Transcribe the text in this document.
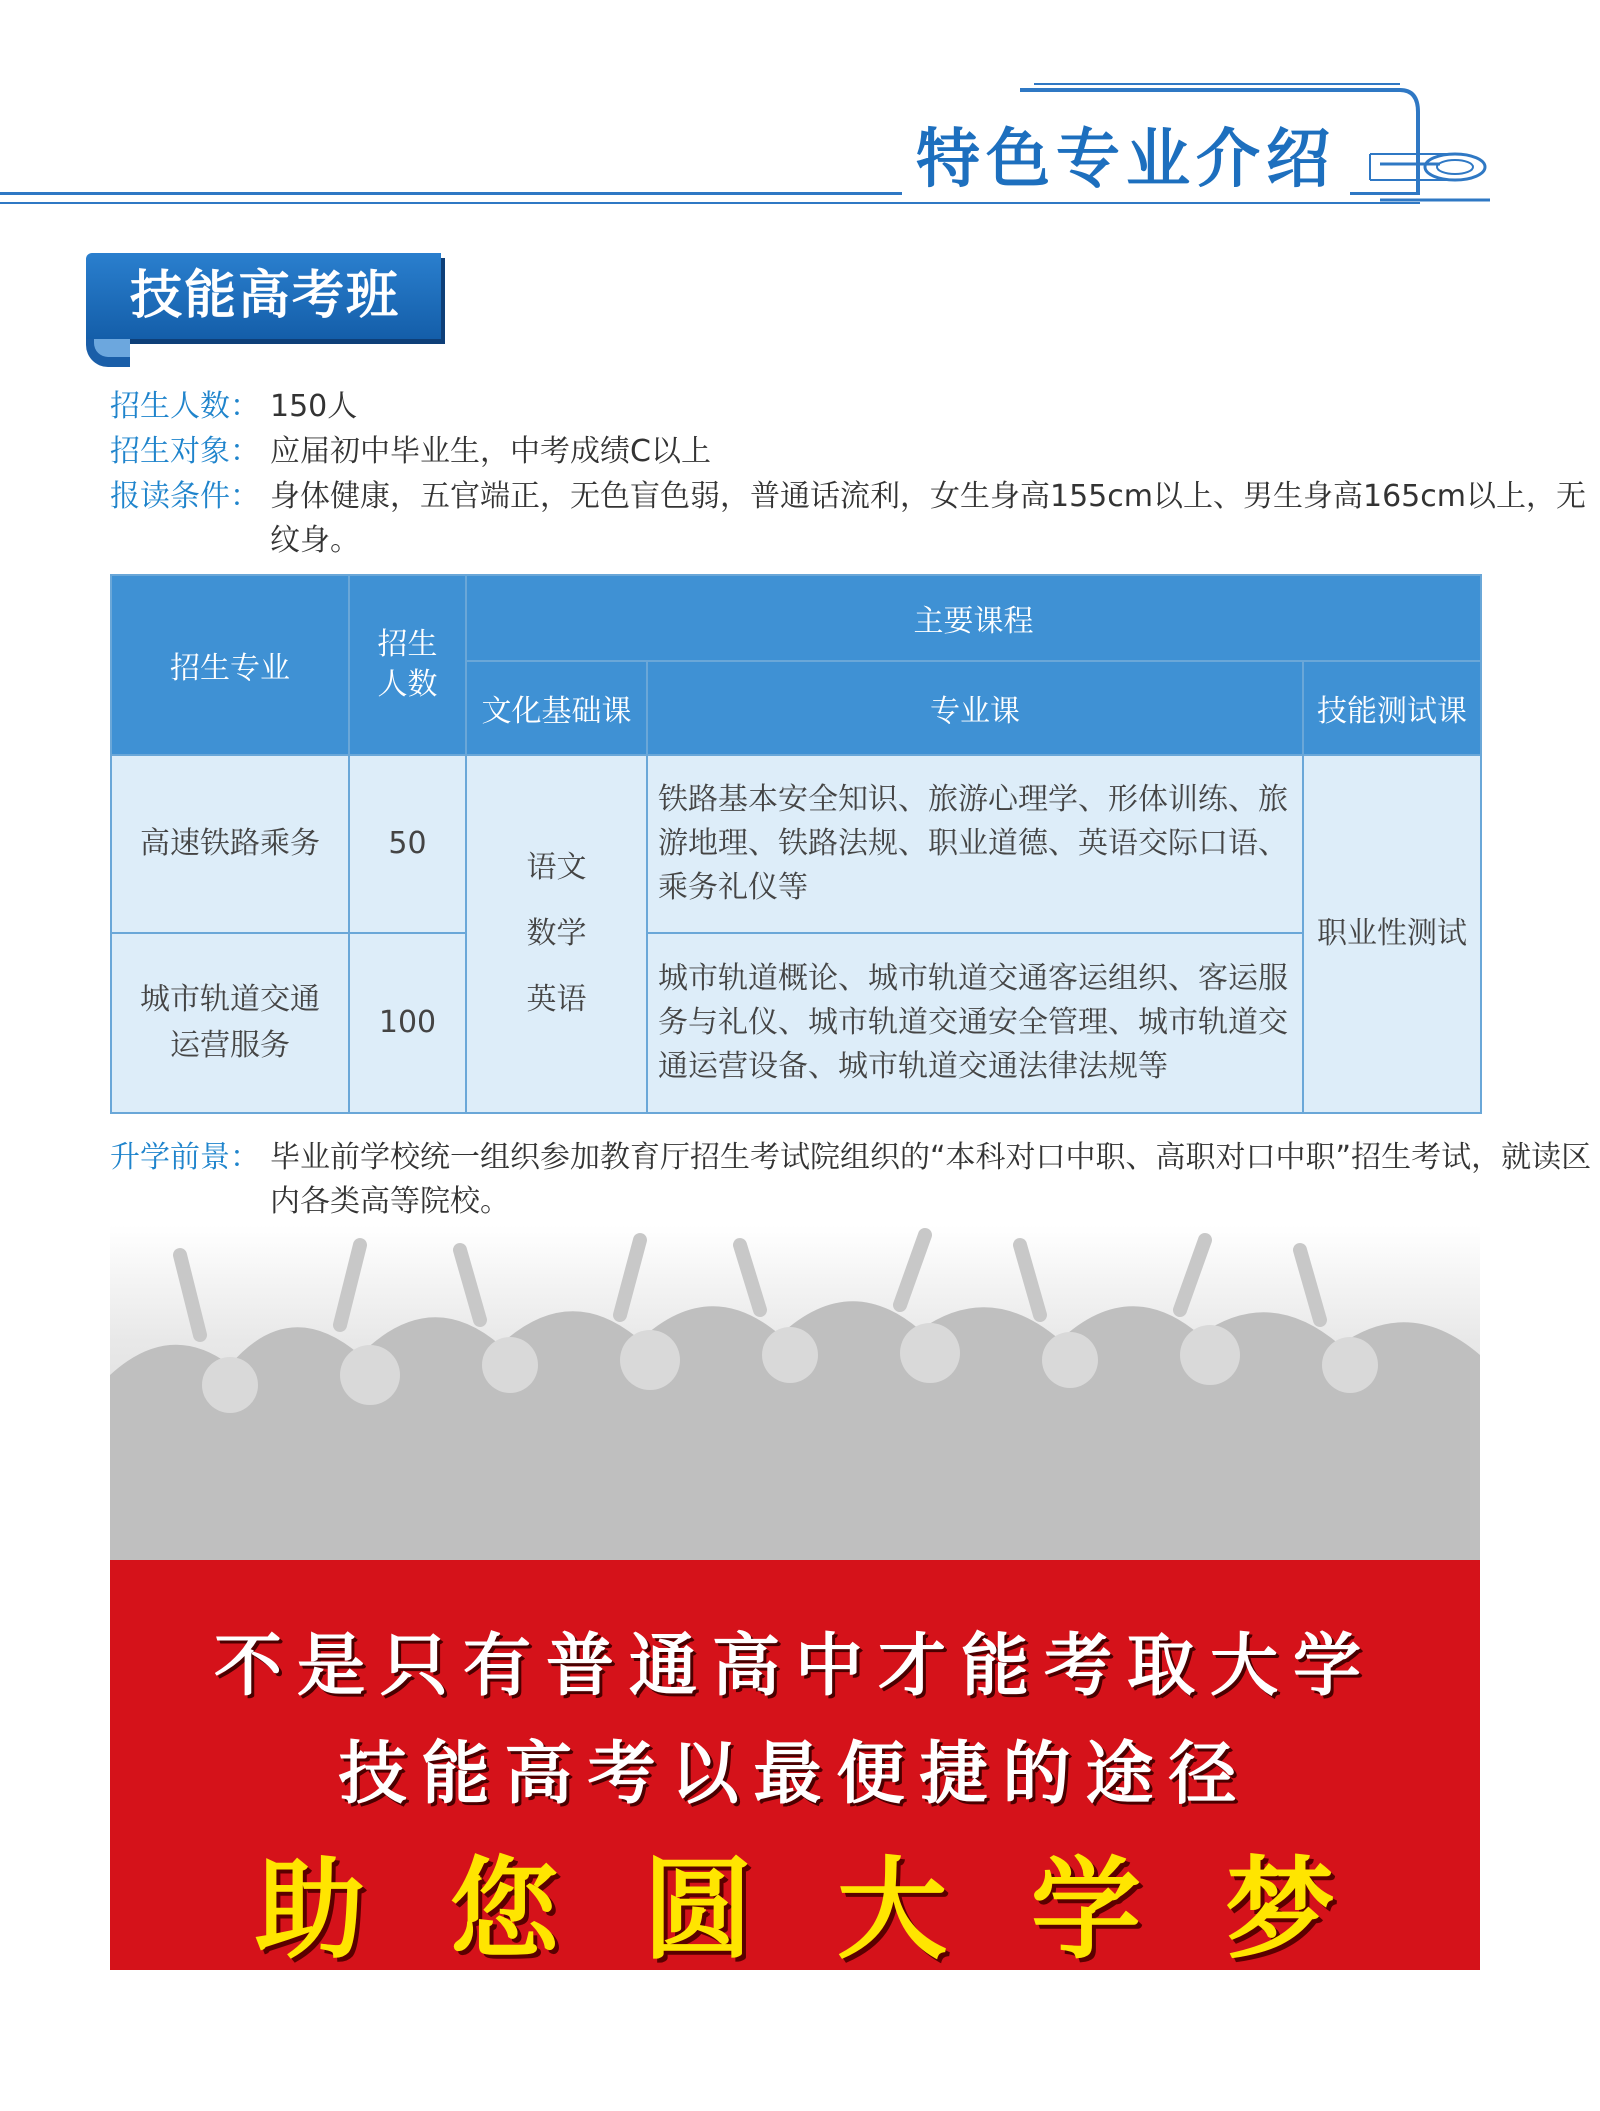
特色专业介绍
技能高考班
招生人数： 150人
招生对象： 应届初中毕业生，中考成绩C以上
报读条件： 身体健康，五官端正，无色盲色弱，普通话流利，女生身高155cm以上、男生身高165cm以上，无纹身。
招生专业	招生人数	主要课程		
		文化基础课	专业课	技能测试课
高速铁路乘务	50	语文
数学
英语	铁路基本安全知识、旅游心理学、形体训练、旅游地理、铁路法规、职业道德、英语交际口语、乘务礼仪等	职业性测试
城市轨道交通运营服务	100		城市轨道概论、城市轨道交通客运组织、客运服务与礼仪、城市轨道交通安全管理、城市轨道交通运营设备、城市轨道交通法律法规等	
升学前景： 毕业前学校统一组织参加教育厅招生考试院组织的“本科对口中职、高职对口中职”招生考试，就读区内各类高等院校。
不是只有普通高中才能考取大学
技能高考以最便捷的途径
助您圆大学梦
